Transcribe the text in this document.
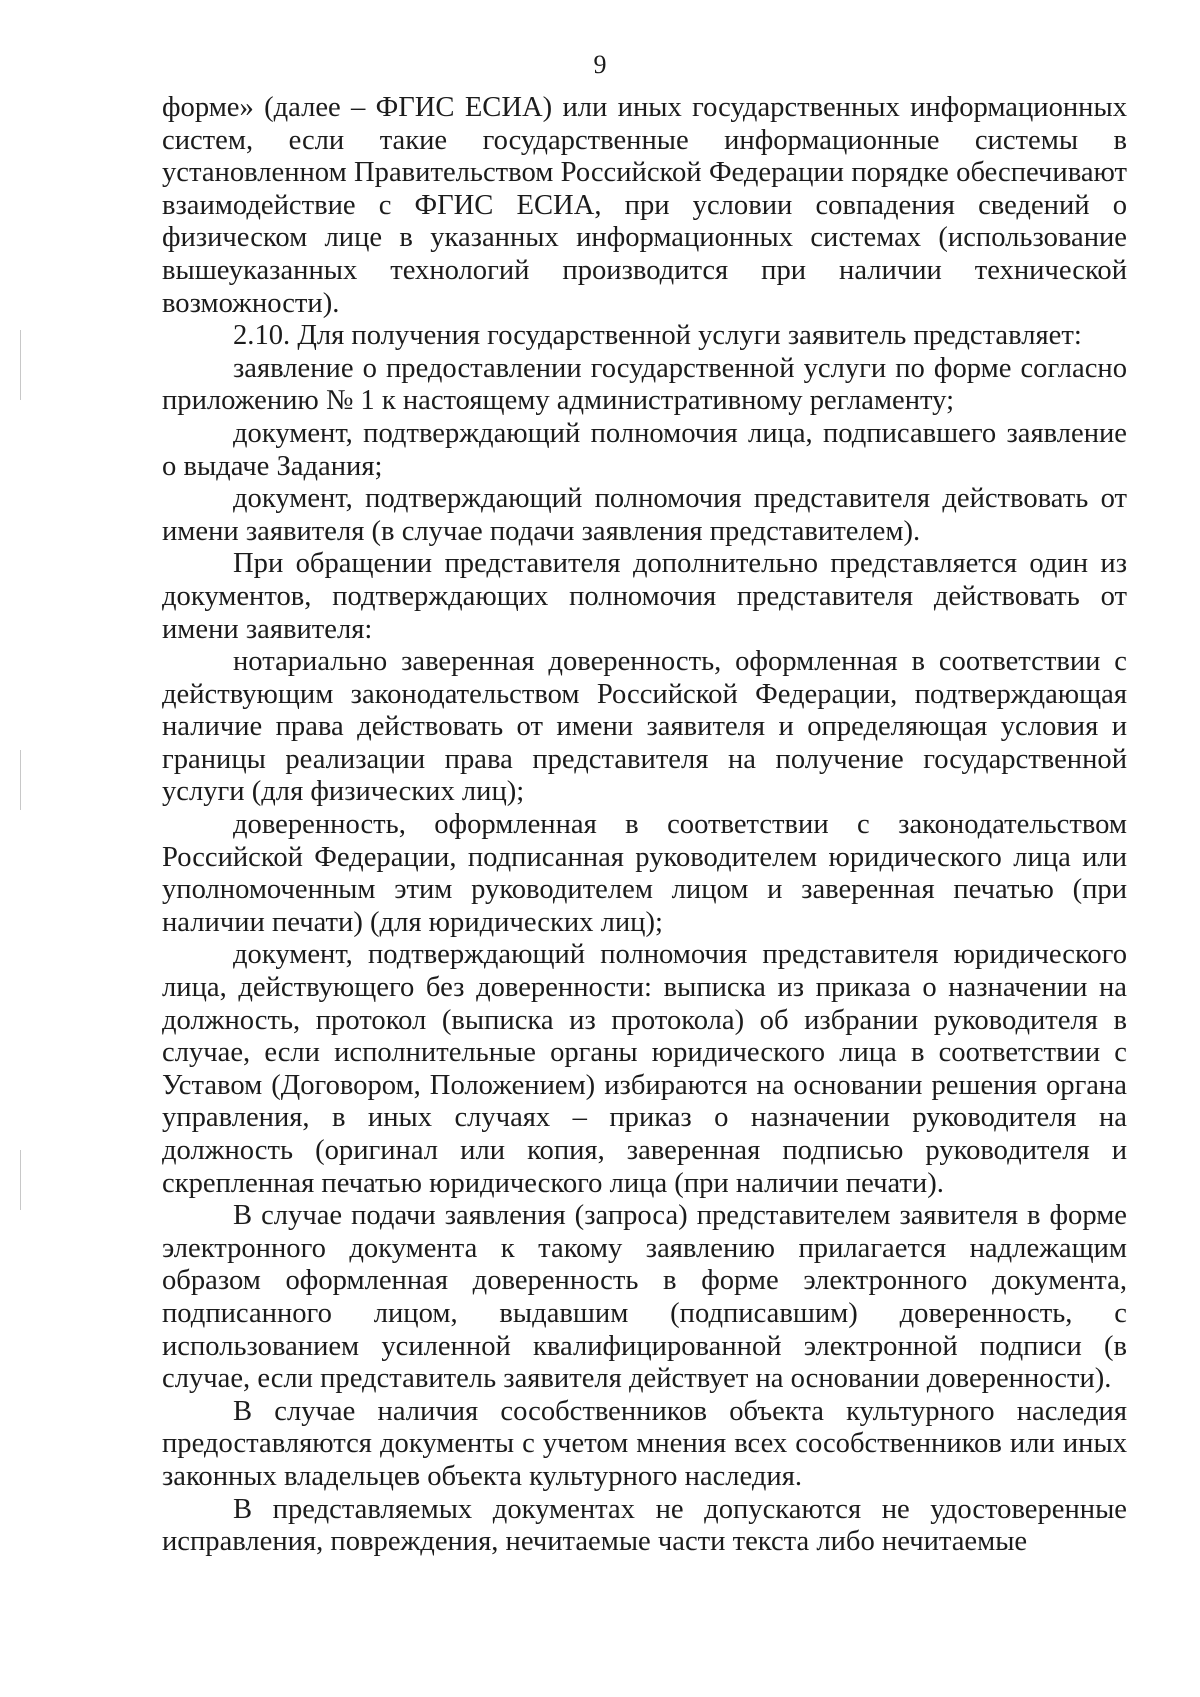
9

форме» (далее – ФГИС ЕСИА) или иных государственных информационных систем, если такие государственные информационные системы в установленном Правительством Российской Федерации порядке обеспечивают взаимодействие с ФГИС ЕСИА, при условии совпадения сведений о физическом лице в указанных информационных системах (использование вышеуказанных технологий производится при наличии технической возможности).

2.10. Для получения государственной услуги заявитель представляет:

заявление о предоставлении государственной услуги по форме согласно приложению № 1 к настоящему административному регламенту;

документ, подтверждающий полномочия лица, подписавшего заявление о выдаче Задания;

документ, подтверждающий полномочия представителя действовать от имени заявителя (в случае подачи заявления представителем).

При обращении представителя дополнительно представляется один из документов, подтверждающих полномочия представителя действовать от имени заявителя:

нотариально заверенная доверенность, оформленная в соответствии с действующим законодательством Российской Федерации, подтверждающая наличие права действовать от имени заявителя и определяющая условия и границы реализации права представителя на получение государственной услуги (для физических лиц);

доверенность, оформленная в соответствии с законодательством Российской Федерации, подписанная руководителем юридического лица или уполномоченным этим руководителем лицом и заверенная печатью (при наличии печати) (для юридических лиц);

документ, подтверждающий полномочия представителя юридического лица, действующего без доверенности: выписка из приказа о назначении на должность, протокол (выписка из протокола) об избрании руководителя в случае, если исполнительные органы юридического лица в соответствии с Уставом (Договором, Положением) избираются на основании решения органа управления, в иных случаях – приказ о назначении руководителя на должность (оригинал или копия, заверенная подписью руководителя и скрепленная печатью юридического лица (при наличии печати).

В случае подачи заявления (запроса) представителем заявителя в форме электронного документа к такому заявлению прилагается надлежащим образом оформленная доверенность в форме электронного документа, подписанного лицом, выдавшим (подписавшим) доверенность, с использованием усиленной квалифицированной электронной подписи (в случае, если представитель заявителя действует на основании доверенности).

В случае наличия сособственников объекта культурного наследия предоставляются документы с учетом мнения всех сособственников или иных законных владельцев объекта культурного наследия.

В представляемых документах не допускаются не удостоверенные исправления, повреждения, нечитаемые части текста либо нечитаемые
